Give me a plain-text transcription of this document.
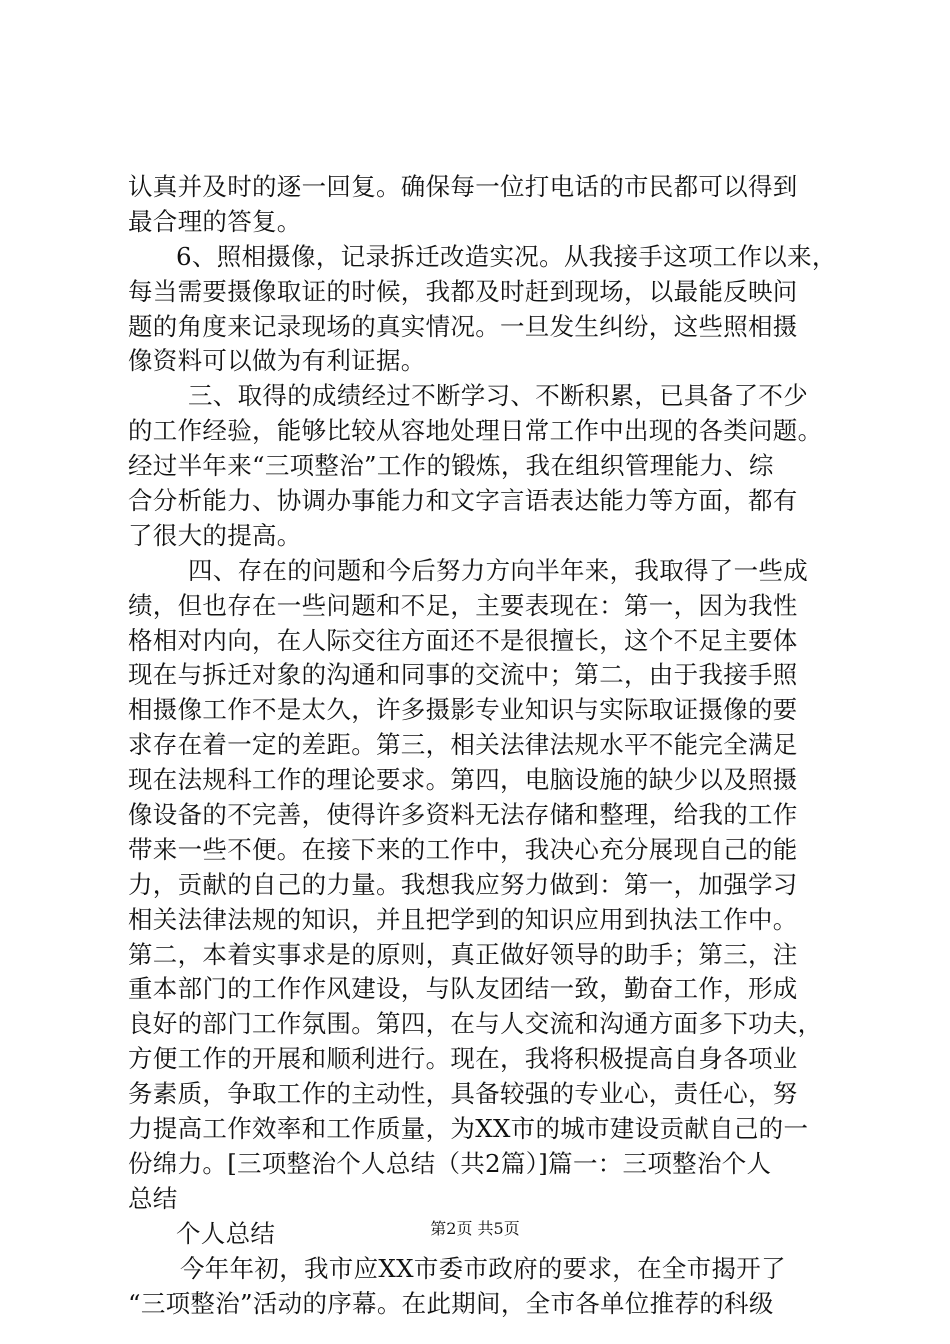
认真并及时的逐一回复。确保每一位打电话的市民都可以得到
最合理的答复。
6、照相摄像，记录拆迁改造实况。从我接手这项工作以来，
每当需要摄像取证的时候，我都及时赶到现场，以最能反映问
题的角度来记录现场的真实情况。一旦发生纠纷，这些照相摄
像资料可以做为有利证据。
三、取得的成绩经过不断学习、不断积累，已具备了不少
的工作经验，能够比较从容地处理日常工作中出现的各类问题。
经过半年来“三项整治”工作的锻炼，我在组织管理能力、综
合分析能力、协调办事能力和文字言语表达能力等方面，都有
了很大的提高。
四、存在的问题和今后努力方向半年来，我取得了一些成
绩，但也存在一些问题和不足，主要表现在：第一，因为我性
格相对内向，在人际交往方面还不是很擅长，这个不足主要体
现在与拆迁对象的沟通和同事的交流中；第二，由于我接手照
相摄像工作不是太久，许多摄影专业知识与实际取证摄像的要
求存在着一定的差距。第三，相关法律法规水平不能完全满足
现在法规科工作的理论要求。第四，电脑设施的缺少以及照摄
像设备的不完善，使得许多资料无法存储和整理，给我的工作
带来一些不便。在接下来的工作中，我决心充分展现自己的能
力，贡献的自己的力量。我想我应努力做到：第一，加强学习
相关法律法规的知识，并且把学到的知识应用到执法工作中。
第二，本着实事求是的原则，真正做好领导的助手；第三，注
重本部门的工作作风建设，与队友团结一致，勤奋工作，形成
良好的部门工作氛围。第四，在与人交流和沟通方面多下功夫，
方便工作的开展和顺利进行。现在，我将积极提高自身各项业
务素质，争取工作的主动性，具备较强的专业心，责任心，努
力提高工作效率和工作质量，为XX市的城市建设贡献自己的一
份绵力。[三项整治个人总结（共2篇）]篇一：三项整治个人
总结
个人总结
今年年初，我市应XX市委市政府的要求，在全市揭开了
“三项整治”活动的序幕。在此期间，全市各单位推荐的科级
第2页 共5页
